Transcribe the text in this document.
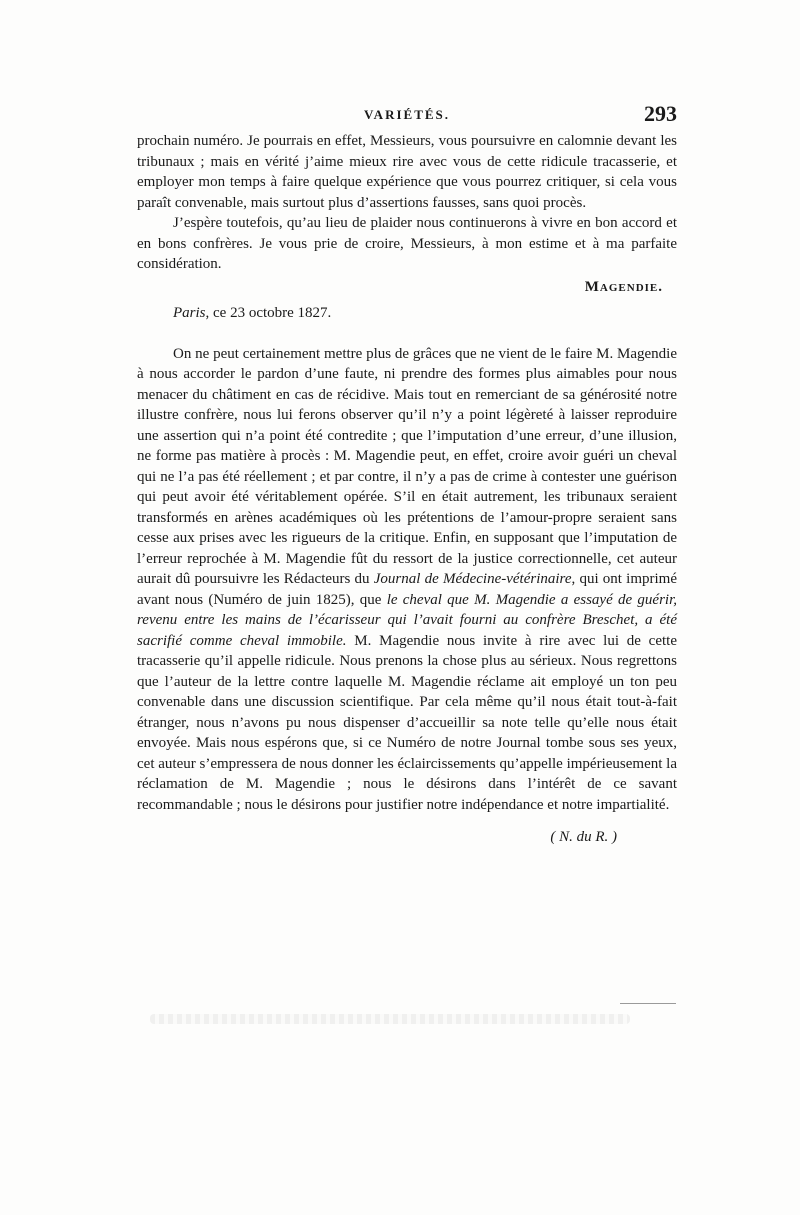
VARIÉTÉS.	293

prochain numéro. Je pourrais en effet, Messieurs, vous poursuivre en calomnie devant les tribunaux ; mais en vérité j’aime mieux rire avec vous de cette ridicule tracasserie, et employer mon temps à faire quelque expérience que vous pourrez critiquer, si cela vous paraît convenable, mais surtout plus d’assertions fausses, sans quoi procès.

J’espère toutefois, qu’au lieu de plaider nous continuerons à vivre en bon accord et en bons confrères. Je vous prie de croire, Messieurs, à mon estime et à ma parfaite considération.

Magendie.

Paris, ce 23 octobre 1827.

On ne peut certainement mettre plus de grâces que ne vient de le faire M. Magendie à nous accorder le pardon d’une faute, ni prendre des formes plus aimables pour nous menacer du châtiment en cas de récidive. Mais tout en remerciant de sa générosité notre illustre confrère, nous lui ferons observer qu’il n’y a point légèreté à laisser reproduire une assertion qui n’a point été contredite ; que l’imputation d’une erreur, d’une illusion, ne forme pas matière à procès : M. Magendie peut, en effet, croire avoir guéri un cheval qui ne l’a pas été réellement ; et par contre, il n’y a pas de crime à contester une guérison qui peut avoir été véritablement opérée. S’il en était autrement, les tribunaux seraient transformés en arènes académiques où les prétentions de l’amour-propre seraient sans cesse aux prises avec les rigueurs de la critique. Enfin, en supposant que l’imputation de l’erreur reprochée à M. Magendie fût du ressort de la justice correctionnelle, cet auteur aurait dû poursuivre les Rédacteurs du Journal de Médecine-vétérinaire, qui ont imprimé avant nous (Numéro de juin 1825), que le cheval que M. Magendie a essayé de guérir, revenu entre les mains de l’écarisseur qui l’avait fourni au confrère Breschet, a été sacrifié comme cheval immobile. M. Magendie nous invite à rire avec lui de cette tracasserie qu’il appelle ridicule. Nous prenons la chose plus au sérieux. Nous regrettons que l’auteur de la lettre contre laquelle M. Magendie réclame ait employé un ton peu convenable dans une discussion scientifique. Par cela même qu’il nous était tout-à-fait étranger, nous n’avons pu nous dispenser d’accueillir sa note telle qu’elle nous était envoyée. Mais nous espérons que, si ce Numéro de notre Journal tombe sous ses yeux, cet auteur s’empressera de nous donner les éclaircissements qu’appelle impérieusement la réclamation de M. Magendie ; nous le désirons dans l’intérêt de ce savant recommandable ; nous le désirons pour justifier notre indépendance et notre impartialité.

( N. du R. )
